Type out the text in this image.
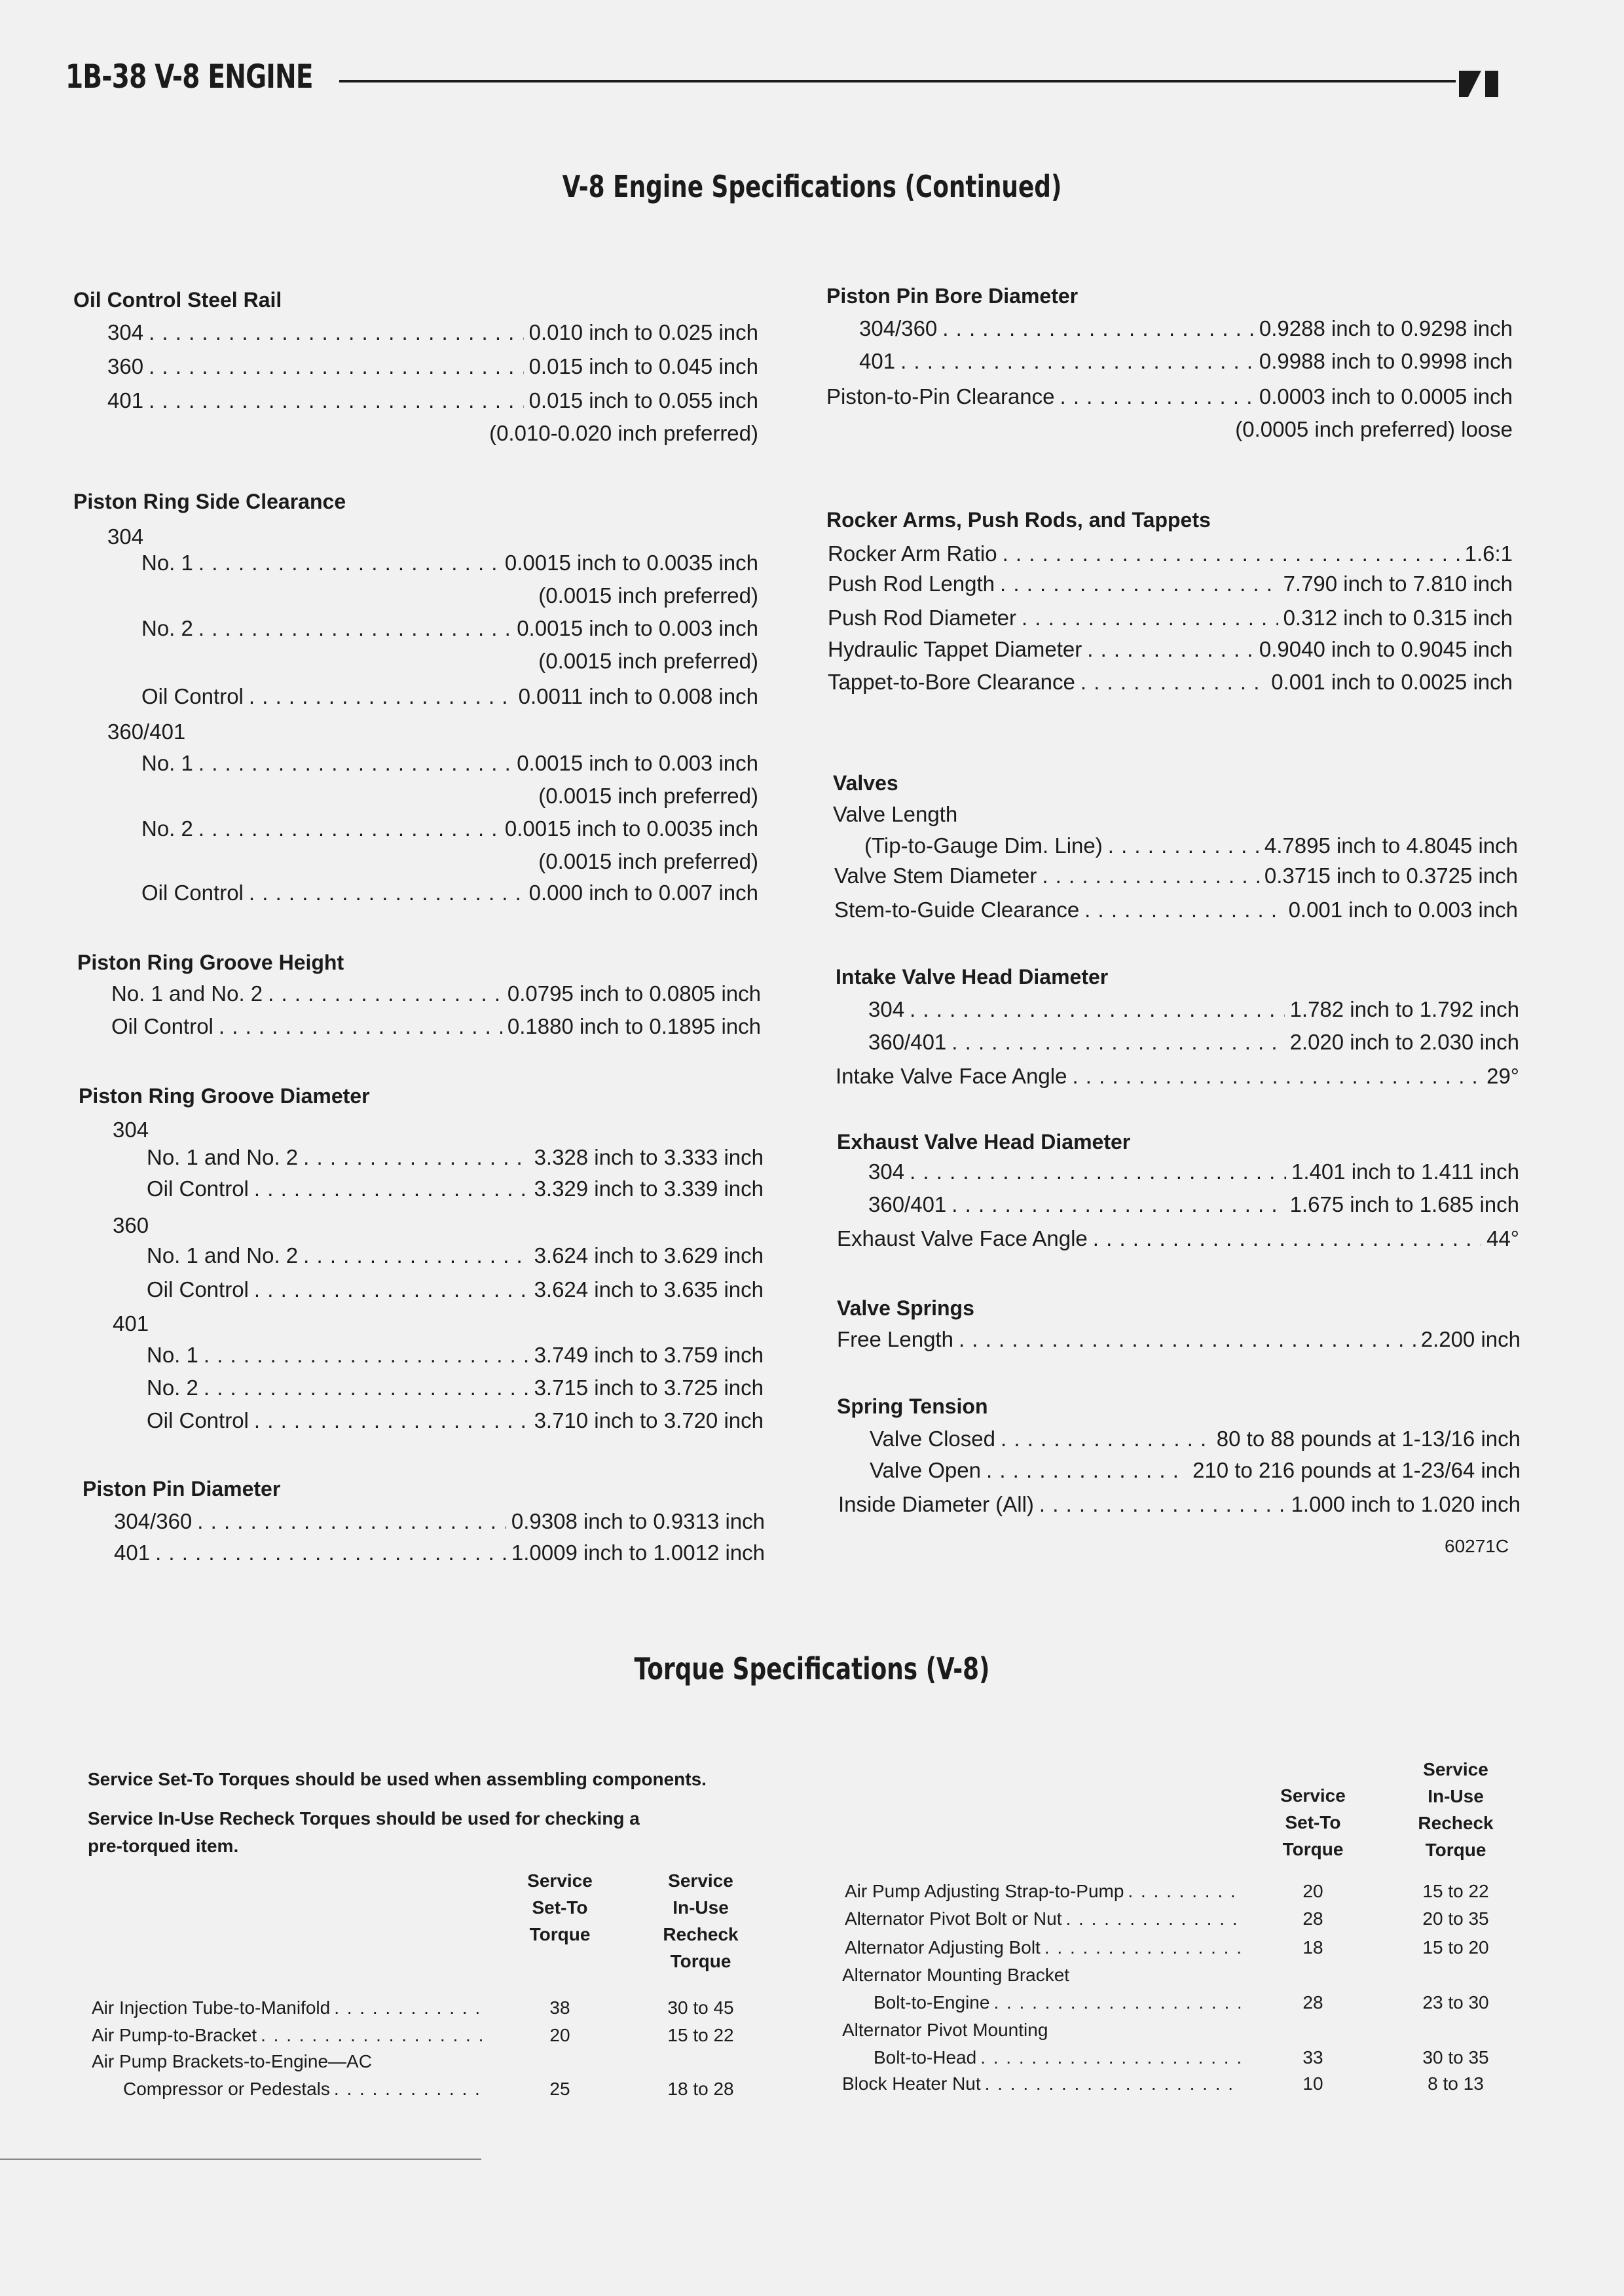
1B-38 V-8 ENGINE
V-8 Engine Specifications (Continued)
Oil Control Steel Rail
304 . . .	0.010 inch to 0.025 inch
360 . . .	0.015 inch to 0.045 inch
401 . . .	0.015 inch to 0.055 inch
(0.010-0.020 inch preferred)
Piston Ring Side Clearance
304
No. 1 . . .	0.0015 inch to 0.0035 inch
(0.0015 inch preferred)
No. 2 . . .	0.0015 inch to 0.003 inch
(0.0015 inch preferred)
Oil Control . . .	0.0011 inch to 0.008 inch
360/401
No. 1 . . .	0.0015 inch to 0.003 inch
(0.0015 inch preferred)
No. 2 . . .	0.0015 inch to 0.0035 inch
(0.0015 inch preferred)
Oil Control . . .	0.000 inch to 0.007 inch
Piston Ring Groove Height
No. 1 and No. 2 . . .	0.0795 inch to 0.0805 inch
Oil Control . . .	0.1880 inch to 0.1895 inch
Piston Ring Groove Diameter
304
No. 1 and No. 2 . . .	3.328 inch to 3.333 inch
Oil Control . . .	3.329 inch to 3.339 inch
360
No. 1 and No. 2 . . .	3.624 inch to 3.629 inch
Oil Control . . .	3.624 inch to 3.635 inch
401
No. 1 . . .	3.749 inch to 3.759 inch
No. 2 . . .	3.715 inch to 3.725 inch
Oil Control . . .	3.710 inch to 3.720 inch
Piston Pin Diameter
304/360 . . .	0.9308 inch to 0.9313 inch
401 . . .	1.0009 inch to 1.0012 inch
Piston Pin Bore Diameter
304/360 . . .	0.9288 inch to 0.9298 inch
401 . . .	0.9988 inch to 0.9998 inch
Piston-to-Pin Clearance . . .	0.0003 inch to 0.0005 inch
(0.0005 inch preferred) loose
Rocker Arms, Push Rods, and Tappets
Rocker Arm Ratio . . .	1.6:1
Push Rod Length . . .	7.790 inch to 7.810 inch
Push Rod Diameter . . .	0.312 inch to 0.315 inch
Hydraulic Tappet Diameter . . .	0.9040 inch to 0.9045 inch
Tappet-to-Bore Clearance . . .	0.001 inch to 0.0025 inch
Valves
Valve Length
(Tip-to-Gauge Dim. Line) . . .	4.7895 inch to 4.8045 inch
Valve Stem Diameter . . .	0.3715 inch to 0.3725 inch
Stem-to-Guide Clearance . . .	0.001 inch to 0.003 inch
Intake Valve Head Diameter
304 . . .	1.782 inch to 1.792 inch
360/401 . . .	2.020 inch to 2.030 inch
Intake Valve Face Angle . . .	29°
Exhaust Valve Head Diameter
304 . . .	1.401 inch to 1.411 inch
360/401 . . .	1.675 inch to 1.685 inch
Exhaust Valve Face Angle . . .	44°
Valve Springs
Free Length . . .	2.200 inch
Spring Tension
Valve Closed . . .	80 to 88 pounds at 1-13/16 inch
Valve Open . . .	210 to 216 pounds at 1-23/64 inch
Inside Diameter (All) . . .	1.000 inch to 1.020 inch
60271C
Torque Specifications (V-8)
Service Set-To Torques should be used when assembling components.
Service In-Use Recheck Torques should be used for checking a
pre-torqued item.
Service
Set-To
Torque
Service
In-Use
Recheck
Torque
Service
Set-To
Torque
Service
In-Use
Recheck
Torque
Air Injection Tube-to-Manifold . . .	38	30 to 45
Air Pump-to-Bracket . . .	20	15 to 22
Air Pump Brackets-to-Engine—AC
Compressor or Pedestals . . .	25	18 to 28
Air Pump Adjusting Strap-to-Pump . . .	20	15 to 22
Alternator Pivot Bolt or Nut . . .	28	20 to 35
Alternator Adjusting Bolt . . .	18	15 to 20
Alternator Mounting Bracket
Bolt-to-Engine . . .	28	23 to 30
Alternator Pivot Mounting
Bolt-to-Head . . .	33	30 to 35
Block Heater Nut . . .	10	8 to 13
